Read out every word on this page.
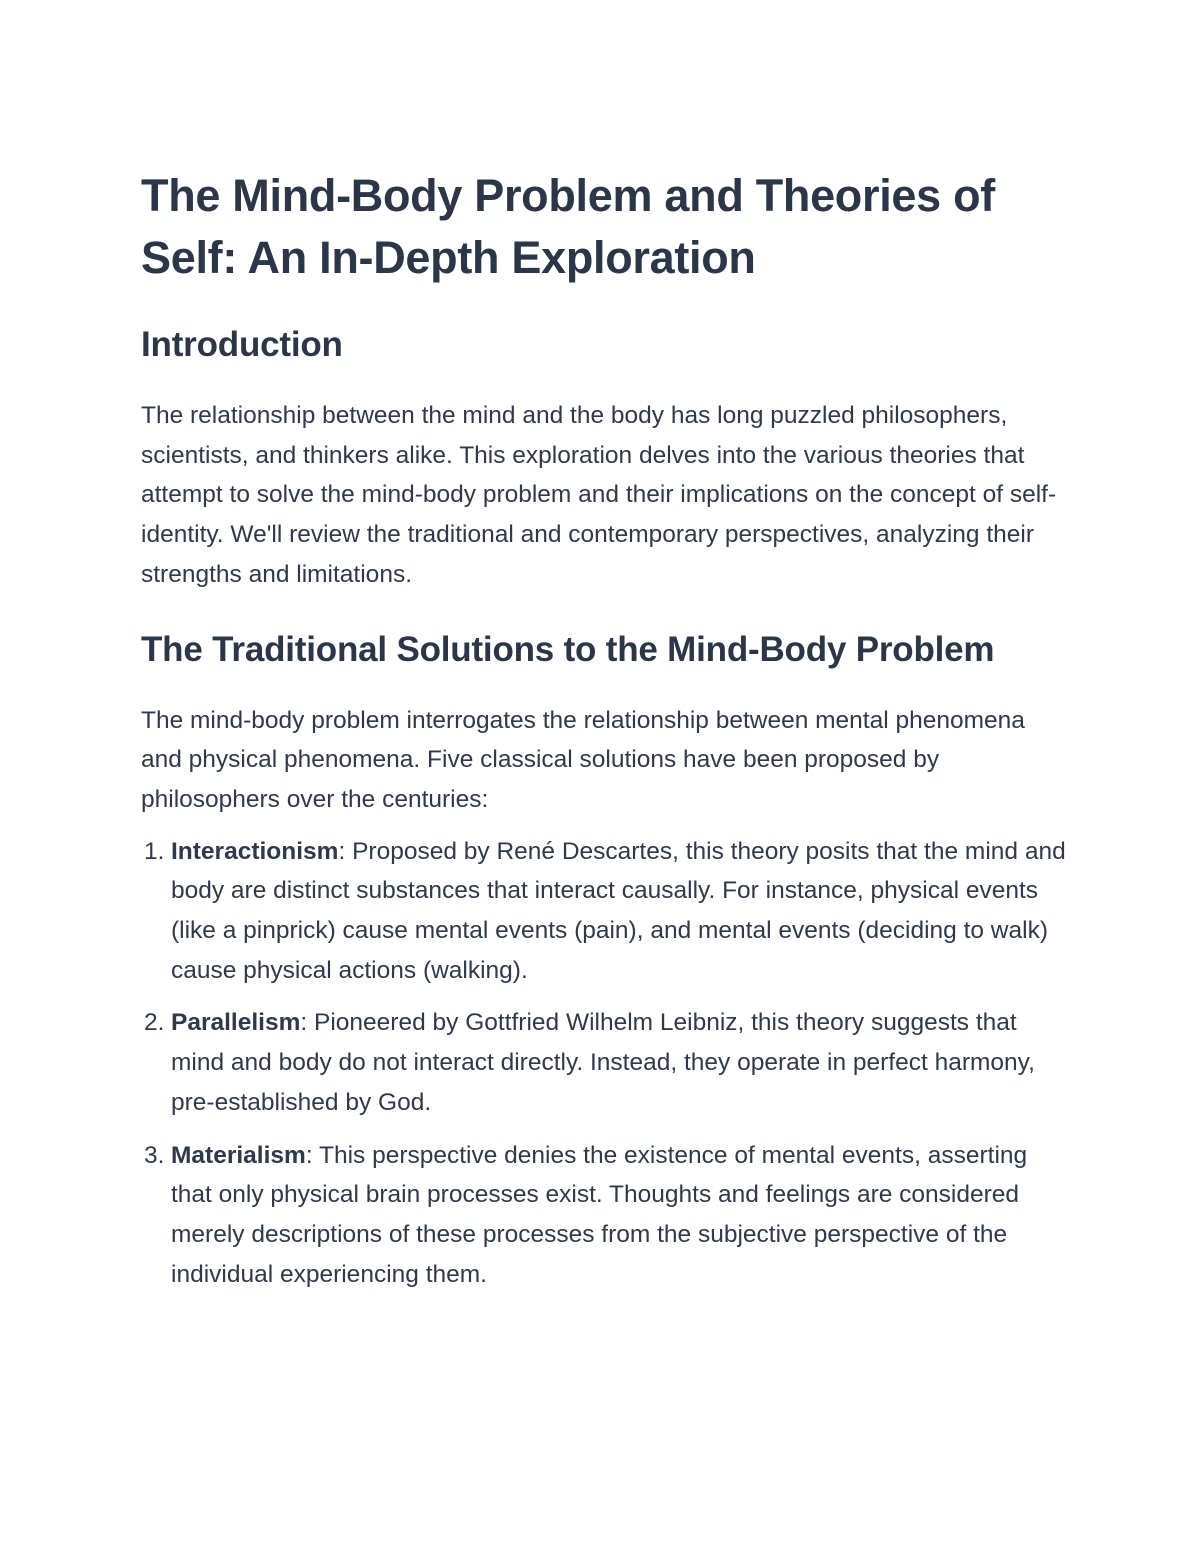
The Mind-Body Problem and Theories of Self: An In-Depth Exploration
Introduction

The relationship between the mind and the body has long puzzled philosophers, scientists, and thinkers alike. This exploration delves into the various theories that attempt to solve the mind-body problem and their implications on the concept of self-identity. We'll review the traditional and contemporary perspectives, analyzing their strengths and limitations.

The Traditional Solutions to the Mind-Body Problem

The mind-body problem interrogates the relationship between mental phenomena and physical phenomena. Five classical solutions have been proposed by philosophers over the centuries:

1. Interactionism: Proposed by René Descartes, this theory posits that the mind and body are distinct substances that interact causally. For instance, physical events (like a pinprick) cause mental events (pain), and mental events (deciding to walk) cause physical actions (walking).
2. Parallelism: Pioneered by Gottfried Wilhelm Leibniz, this theory suggests that mind and body do not interact directly. Instead, they operate in perfect harmony, pre-established by God.
3. Materialism: This perspective denies the existence of mental events, asserting that only physical brain processes exist. Thoughts and feelings are considered merely descriptions of these processes from the subjective perspective of the individual experiencing them.
